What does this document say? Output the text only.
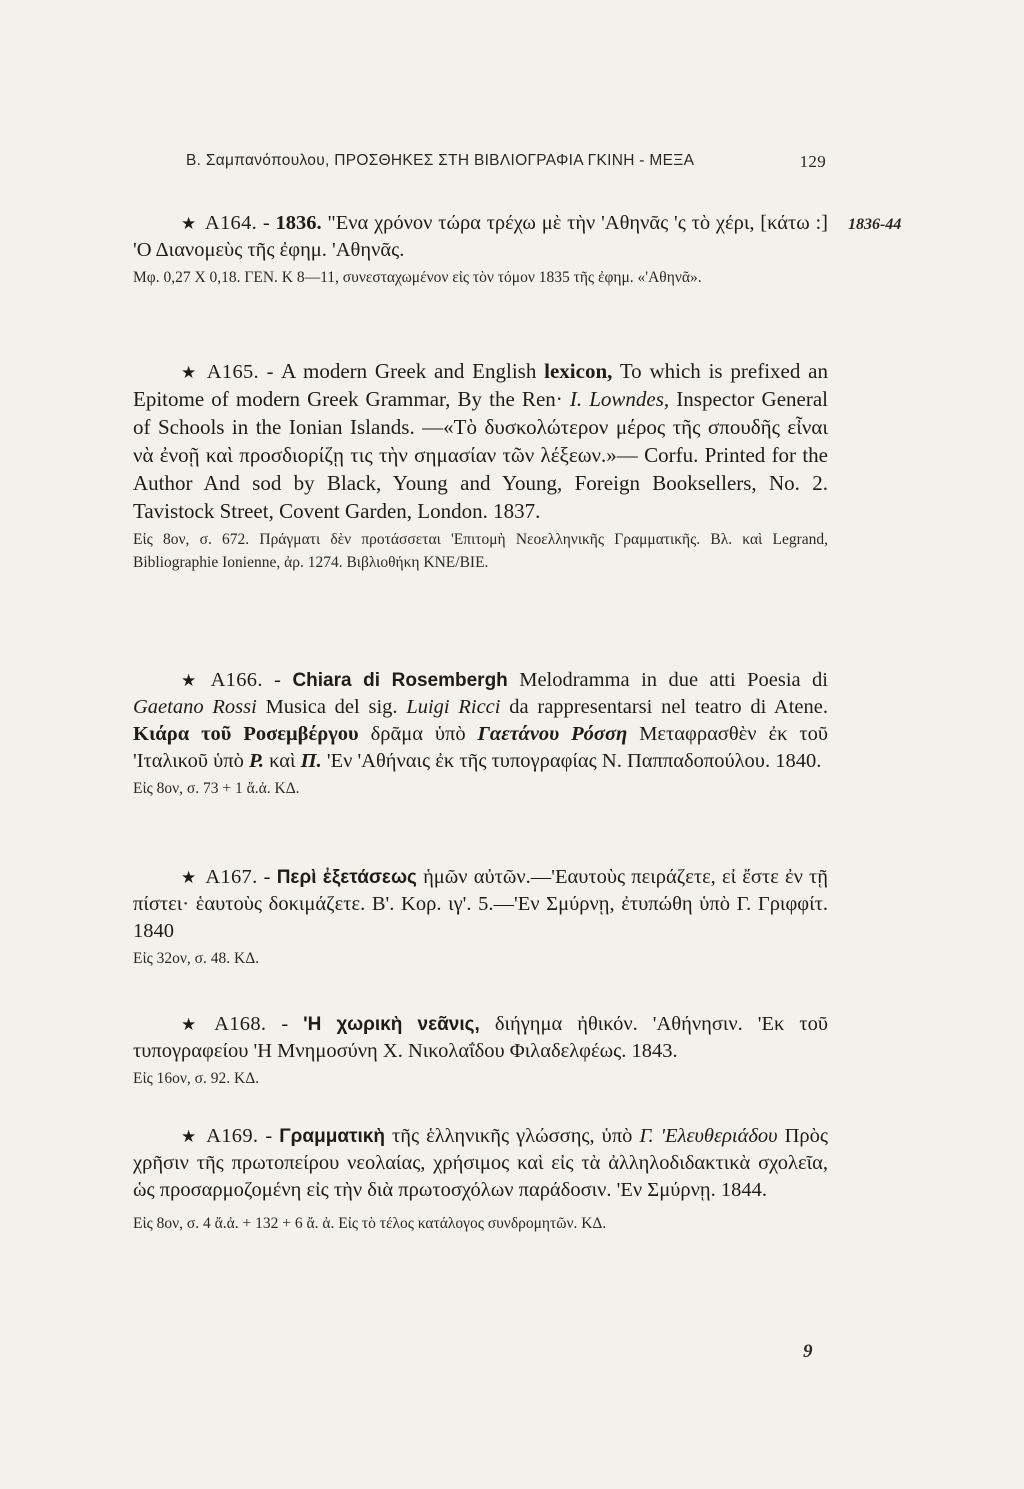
Β. Σαμπανόπουλου, ΠΡΟΣΘΗΚΕΣ ΣΤΗ ΒΙΒΛΙΟΓΡΑΦΙΑ ΓΚΙΝΗ - ΜΕΞΑ	129
1836-44
★ Α164. - 1836. "Ενα χρόνον τώρα τρέχω μὲ τὴν 'Αθηνᾶς 'ς τὸ χέρι, [κάτω :] 'Ο Διανομεὺς τῆς ἐφημ. 'Αθηνᾶς.
Μφ. 0,27 Χ 0,18. ΓΕΝ. Κ 8—11, συνεσταχωμένον εἰς τὸν τόμον 1835 τῆς ἐφημ. «'Αθηνᾶ».
★ Α165. - A modern Greek and English lexicon, To which is prefixed an Epitome of modern Greek Grammar, By the Ren· I. Lowndes, Inspector General of Schools in the Ionian Islands. —«Τὸ δυσκολώτερον μέρος τῆς σπουδῆς εἶναι νὰ ἐνοῇ καὶ προσδιορίζῃ τις τὴν σημασίαν τῶν λέξεων.»— Corfu. Printed for the Author And sod by Black, Young and Young, Foreign Booksellers, No. 2. Tavistock Street, Covent Garden, London. 1837.
Εἰς 8ον, σ. 672. Πράγματι δὲν προτάσσεται 'Επιτομὴ Νεοελληνικῆς Γραμματικῆς. Βλ. καὶ Legrand, Bibliographie Ionienne, ἀρ. 1274. Βιβλιοθήκη ΚΝΕ/ΒΙΕ.
★ Α166. - Chiara di Rosembergh Melodramma in due atti Poesia di Gaetano Rossi Musica del sig. Luigi Ricci da rappresentarsi nel teatro di Atene. Κιάρα τοῦ Ροσεμβέργου δρᾶμα ὑπὸ Γαετάνου Ρόσση Μεταφρασθὲν ἐκ τοῦ 'Ιταλικοῦ ὑπὸ Ρ. καὶ Π. 'Εν 'Αθήναις ἐκ τῆς τυπογραφίας Ν. Παππαδοπούλου. 1840.
Εἰς 8ον, σ. 73 + 1 ἄ.ἀ. ΚΔ.
★ Α167. - Περὶ ἐξετάσεως ἡμῶν αὐτῶν.—'Εαυτοὺς πειράζετε, εἰ ἔστε ἐν τῇ πίστει· ἑαυτοὺς δοκιμάζετε. Β'. Κορ. ιγ'. 5.—'Εν Σμύρνῃ, ἐτυπώθη ὑπὸ Γ. Γριφφίτ. 1840
Εἰς 32ον, σ. 48. ΚΔ.
★ Α168. - 'Η χωρικὴ νεᾶνις, διήγημα ἠθικόν. 'Αθήνησιν. 'Εκ τοῦ τυπογραφείου 'Η Μνημοσύνη Χ. Νικολαΐδου Φιλαδελφέως. 1843.
Εἰς 16ον, σ. 92. ΚΔ.
★ Α169. - Γραμματικὴ τῆς ἑλληνικῆς γλώσσης, ὑπὸ Γ. 'Ελευθεριάδου Πρὸς χρῆσιν τῆς πρωτοπείρου νεολαίας, χρήσιμος καὶ εἰς τὰ ἀλληλοδιδακτικὰ σχολεῖα, ὡς προσαρμοζομένη εἰς τὴν διὰ πρωτοσχόλων παράδοσιν. 'Εν Σμύρνῃ. 1844.
Εἰς 8ον, σ. 4 ἄ.ἀ. + 132 + 6 ἄ. ἀ. Εἰς τὸ τέλος κατάλογος συνδρομητῶν. ΚΔ.
9
